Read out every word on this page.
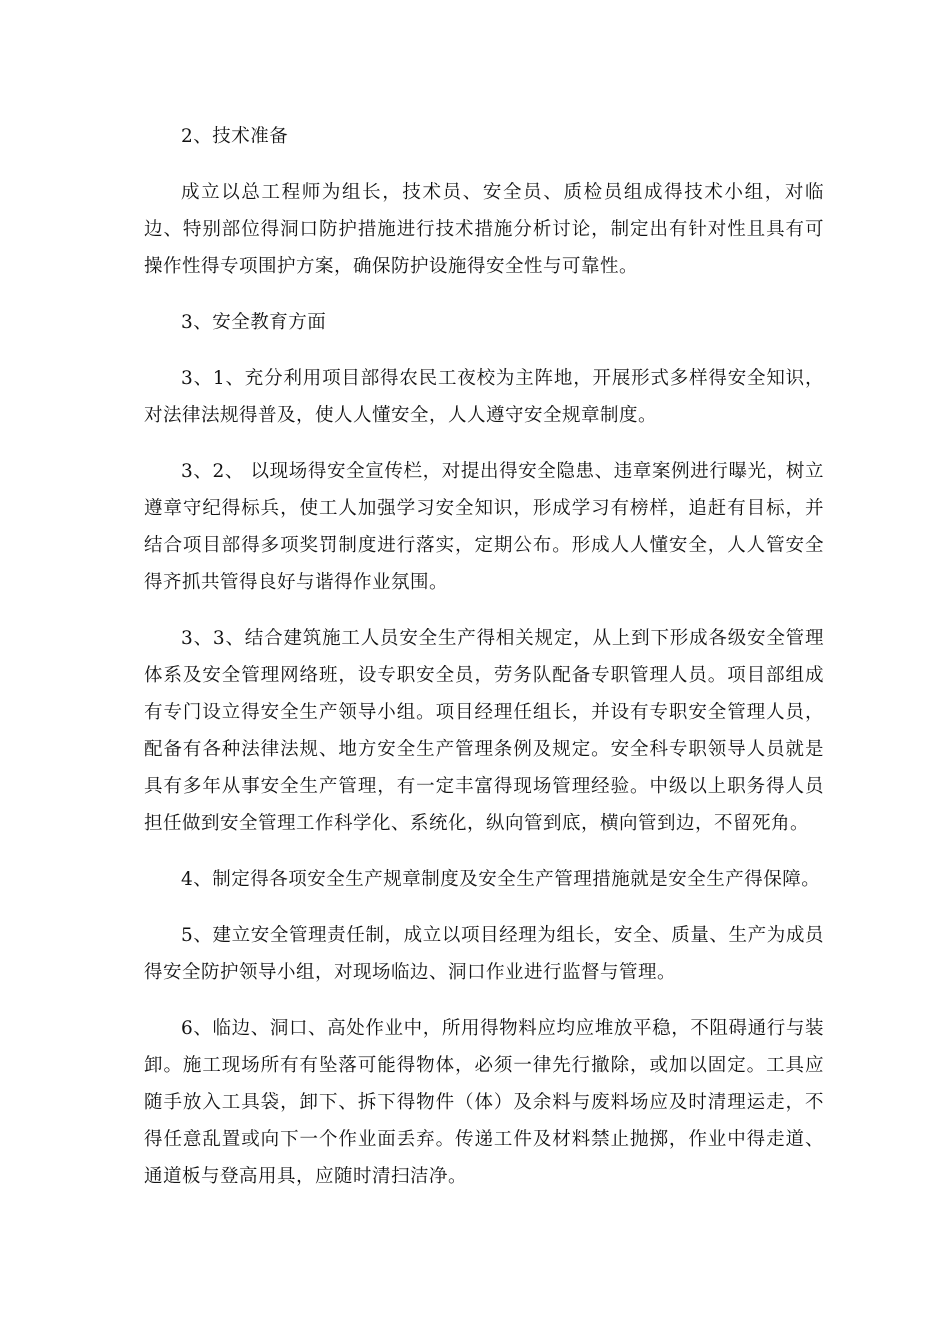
2、技术准备

成立以总工程师为组长，技术员、安全员、质检员组成得技术小组，对临边、特别部位得洞口防护措施进行技术措施分析讨论，制定出有针对性且具有可操作性得专项围护方案，确保防护设施得安全性与可靠性。

3、安全教育方面

3、1、充分利用项目部得农民工夜校为主阵地，开展形式多样得安全知识，对法律法规得普及，使人人懂安全，人人遵守安全规章制度。

3、2、 以现场得安全宣传栏，对提出得安全隐患、违章案例进行曝光，树立遵章守纪得标兵，使工人加强学习安全知识，形成学习有榜样，追赶有目标，并结合项目部得多项奖罚制度进行落实，定期公布。形成人人懂安全，人人管安全得齐抓共管得良好与谐得作业氛围。

3、3、结合建筑施工人员安全生产得相关规定，从上到下形成各级安全管理体系及安全管理网络班，设专职安全员，劳务队配备专职管理人员。项目部组成有专门设立得安全生产领导小组。项目经理任组长，并设有专职安全管理人员，配备有各种法律法规、地方安全生产管理条例及规定。安全科专职领导人员就是具有多年从事安全生产管理，有一定丰富得现场管理经验。中级以上职务得人员担任做到安全管理工作科学化、系统化，纵向管到底，横向管到边，不留死角。

4、制定得各项安全生产规章制度及安全生产管理措施就是安全生产得保障。

5、建立安全管理责任制，成立以项目经理为组长，安全、质量、生产为成员得安全防护领导小组，对现场临边、洞口作业进行监督与管理。

6、临边、洞口、高处作业中，所用得物料应均应堆放平稳，不阻碍通行与装卸。施工现场所有有坠落可能得物体，必须一律先行撤除，或加以固定。工具应随手放入工具袋，卸下、拆下得物件（体）及余料与废料场应及时清理运走，不得任意乱置或向下一个作业面丢弃。传递工件及材料禁止抛掷，作业中得走道、通道板与登高用具，应随时清扫洁净。
